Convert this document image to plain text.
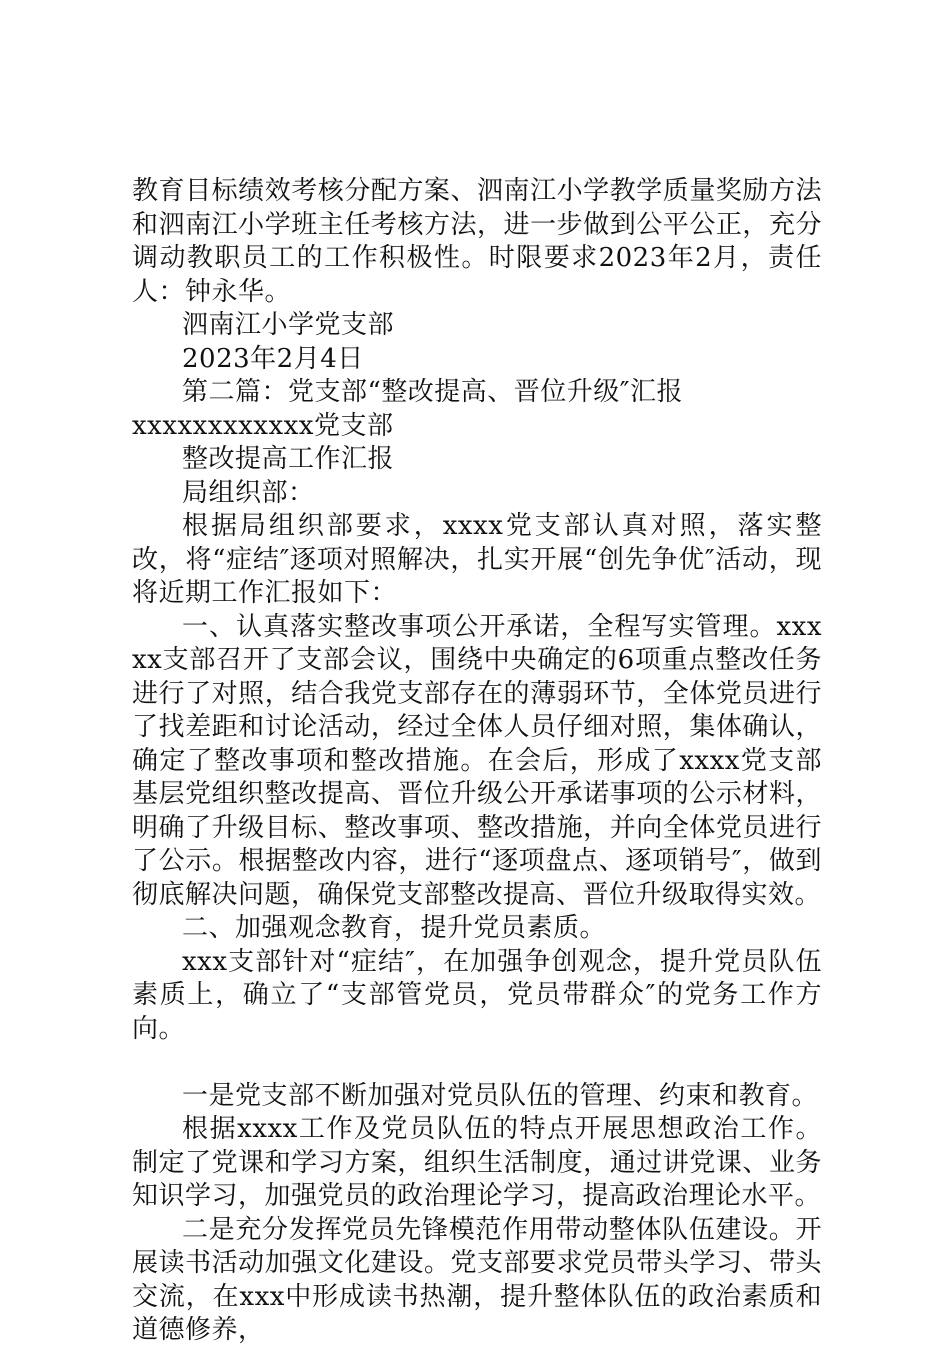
教育目标绩效考核分配方案、泗南江小学教学质量奖励方法和泗南江小学班主任考核方法，进一步做到公平公正，充分调动教职员工的工作积极性。时限要求2023年2月，责任人：钟永华。

泗南江小学党支部

2023年2月4日

第二篇：党支部“整改提高、晋位升级″汇报

xxxxxxxxxxxx党支部

整改提高工作汇报

局组织部：

根据局组织部要求，xxxx党支部认真对照，落实整改，将“症结″逐项对照解决，扎实开展“创先争优″活动，现将近期工作汇报如下：

一、认真落实整改事项公开承诺，全程写实管理。xxxxx支部召开了支部会议，围绕中央确定的6项重点整改任务进行了对照，结合我党支部存在的薄弱环节，全体党员进行了找差距和讨论活动，经过全体人员仔细对照，集体确认，确定了整改事项和整改措施。在会后，形成了xxxx党支部基层党组织整改提高、晋位升级公开承诺事项的公示材料，明确了升级目标、整改事项、整改措施，并向全体党员进行了公示。根据整改内容，进行“逐项盘点、逐项销号″，做到彻底解决问题，确保党支部整改提高、晋位升级取得实效。

二、加强观念教育，提升党员素质。

xxx支部针对“症结″，在加强争创观念，提升党员队伍素质上，确立了“支部管党员，党员带群众″的党务工作方向。

一是党支部不断加强对党员队伍的管理、约束和教育。

根据xxxx工作及党员队伍的特点开展思想政治工作。制定了党课和学习方案，组织生活制度，通过讲党课、业务知识学习，加强党员的政治理论学习，提高政治理论水平。

二是充分发挥党员先锋模范作用带动整体队伍建设。开展读书活动加强文化建设。党支部要求党员带头学习、带头交流，在xxx中形成读书热潮，提升整体队伍的政治素质和道德修养，
